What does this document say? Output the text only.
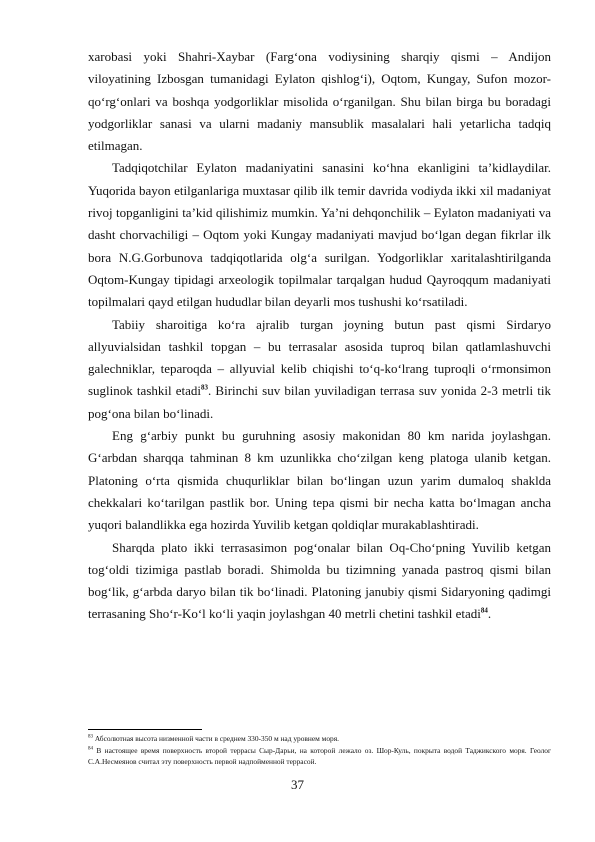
xarobasi yoki Shahri-Xaybar (Farg‘ona vodiysining sharqiy qismi – Andijon viloyatining Izbosgan tumanidagi Eylaton qishlog‘i), Oqtom, Kungay, Sufon mozor-qo‘rg‘onlari va boshqa yodgorliklar misolida o‘rganilgan. Shu bilan birga bu boradagi yodgorliklar sanasi va ularni madaniy mansublik masalalari hali yetarlicha tadqiq etilmagan.

Tadqiqotchilar Eylaton madaniyatini sanasini ko‘hna ekanligini ta’kidlaydilar. Yuqorida bayon etilganlariga muxtasar qilib ilk temir davrida vodiyda ikki xil madaniyat rivoj topganligini ta’kid qilishimiz mumkin. Ya’ni dehqonchilik – Eylaton madaniyati va dasht chorvachiligi – Oqtom yoki Kungay madaniyati mavjud bo‘lgan degan fikrlar ilk bora N.G.Gorbunova tadqiqotlarida olg‘a surilgan. Yodgorliklar xaritalashtirilganda Oqtom-Kungay tipidagi arxeologik topilmalar tarqalgan hudud Qayroqqum madaniyati topilmalari qayd etilgan hududlar bilan deyarli mos tushushi ko‘rsatiladi.

Tabiiy sharoitiga ko‘ra ajralib turgan joyning butun past qismi Sirdaryo allyuvialsidan tashkil topgan – bu terrasalar asosida tuproq bilan qatlamlashuvchi galechniklar, teparoqda – allyuvial kelib chiqishi to‘q-ko‘lrang tuproqli o‘rmonsimon suglinok tashkil etadi$^{83}$. Birinchi suv bilan yuviladigan terrasa suv yonida 2-3 metrli tik pog‘ona bilan bo‘linadi.

Eng g‘arbiy punkt bu guruhning asosiy makonidan 80 km narida joylashgan. G‘arbdan sharqqa tahminan 8 km uzunlikka cho‘zilgan keng platoga ulanib ketgan. Platoning o‘rta qismida chuqurliklar bilan bo‘lingan uzun yarim dumaloq shaklda chekkalari ko‘tarilgan pastlik bor. Uning tepa qismi bir necha katta bo‘lmagan ancha yuqori balandlikka ega hozirda Yuvilib ketgan qoldiqlar murakablashtiradi.

Sharqda plato ikki terrasasimon pog‘onalar bilan Oq-Cho‘pning Yuvilib ketgan tog‘oldi tizimiga pastlab boradi. Shimolda bu tizimning yanada pastroq qismi bilan bog‘lik, g‘arbda daryo bilan tik bo‘linadi. Platoning janubiy qismi Sidaryoning qadimgi terrasaning Sho‘r-Ko‘l ko‘li yaqin joylashgan 40 metrli chetini tashkil etadi$^{84}$.

$^{83}$ Абсолютная высота низменной части в среднем 330-350 м над уровнем моря.

$^{84}$ В настоящее время поверхность второй террасы Сыр-Дарьи, на которой лежало оз. Шор-Куль, покрыта водой Таджикского моря. Геолог С.А.Несмеянов считал эту поверхность первой надпойменной террасой.

37
